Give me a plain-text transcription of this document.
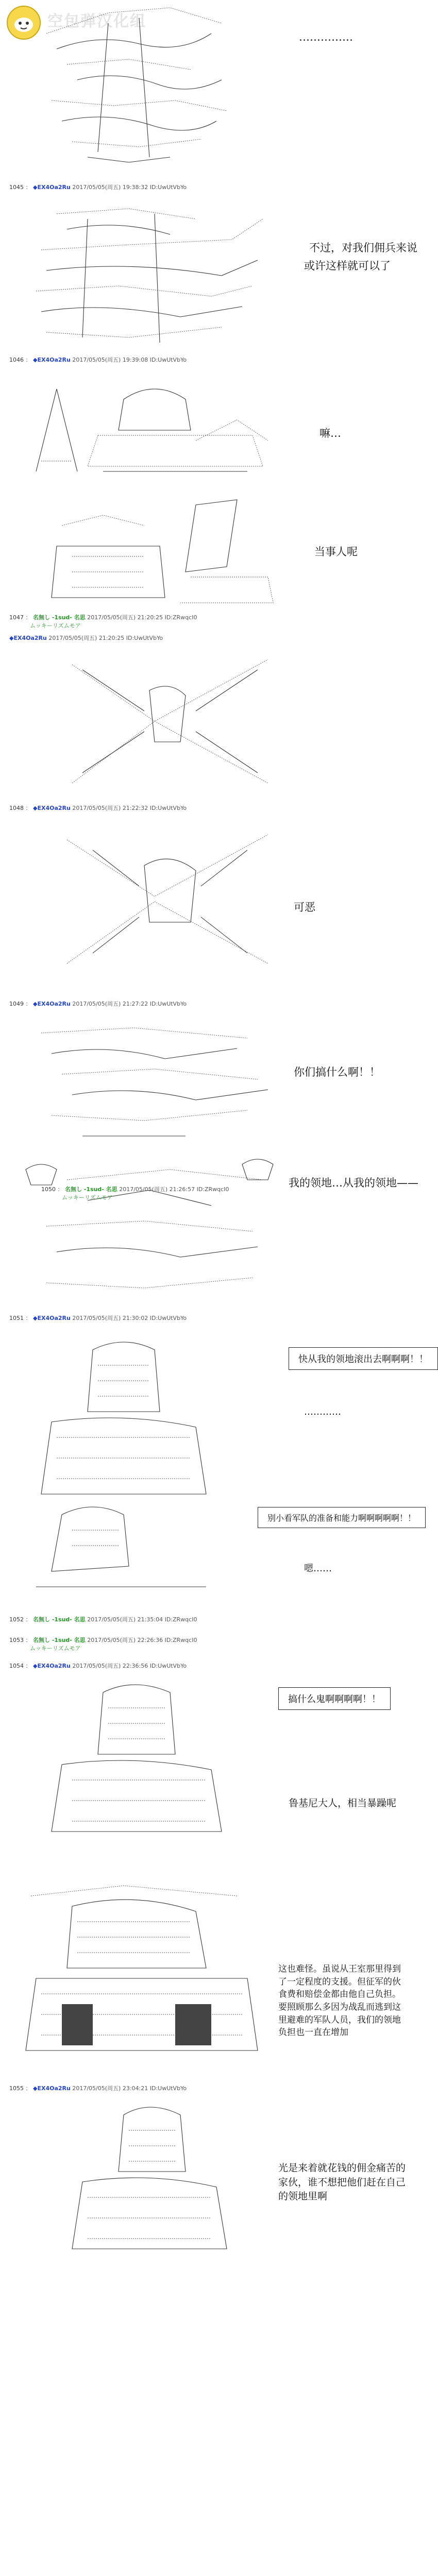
空包弹汉化组
……………
1045 ： ◆EX4Oa2Ru 2017/05/05(周五) 19:38:32 ID:UwUtVbYo
不过，对我们佣兵来说
或许这样就可以了
1046 ： ◆EX4Oa2Ru 2017/05/05(周五) 19:39:08 ID:UwUtVbYo
嘛…
当事人呢
1047 ： 名無し -1sud- 名思 2017/05/05(周五) 21:20:25 ID:ZRwqcI0
ムッキーリズムモア
◆EX4Oa2Ru 2017/05/05(周五) 21:20:25 ID:UwUtVbYo
1048 ： ◆EX4Oa2Ru 2017/05/05(周五) 21:22:32 ID:UwUtVbYo
可恶
1049 ： ◆EX4Oa2Ru 2017/05/05(周五) 21:27:22 ID:UwUtVbYo
你们搞什么啊！！
我的领地…从我的领地——
1050 ： 名無し -1sud- 名思 2017/05/05(周五) 21:26:57 ID:ZRwqcI0
ムッキーリズムモア
1051 ： ◆EX4Oa2Ru 2017/05/05(周五) 21:30:02 ID:UwUtVbYo
快从我的领地滚出去啊啊啊！！
…………
别小看军队的准备和能力啊啊啊啊啊！！
嗯……
1052 ： 名無し -1sud- 名思 2017/05/05(周五) 21:35:04 ID:ZRwqcI0
1053 ： 名無し -1sud- 名思 2017/05/05(周五) 22:26:36 ID:ZRwqcI0
ムッキーリズムモア
1054 ： ◆EX4Oa2Ru 2017/05/05(周五) 22:36:56 ID:UwUtVbYo
搞什么鬼啊啊啊啊！！
鲁基尼大人，相当暴躁呢
这也难怪。虽说从王室那里得到了一定程度的支援。但征军的伙食费和赔偿金都由他自己负担。要照顾那么多因为战乱而逃到这里避难的军队人员，我们的领地负担也一直在增加
1055 ： ◆EX4Oa2Ru 2017/05/05(周五) 23:04:21 ID:UwUtVbYo
光是来着就花钱的佣金痛苦的家伙，谁不想把他们赶在自己的领地里啊
